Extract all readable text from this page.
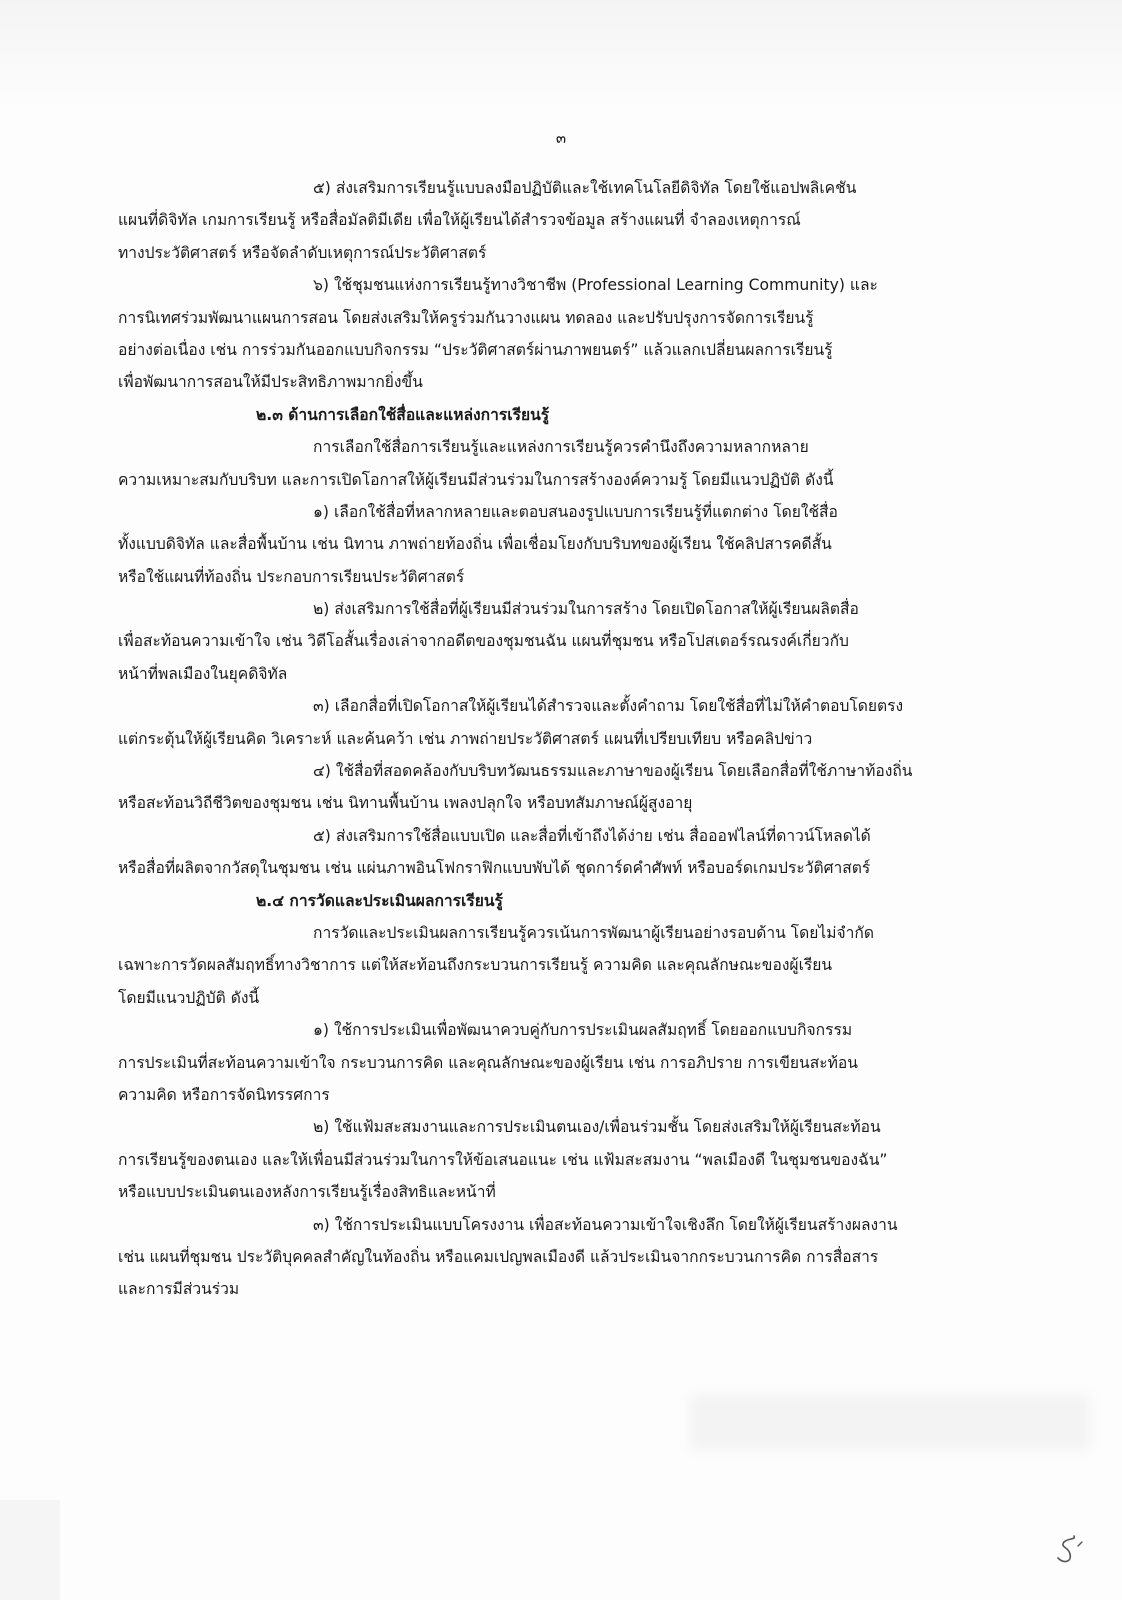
๓
๕) ส่งเสริมการเรียนรู้แบบลงมือปฏิบัติและใช้เทคโนโลยีดิจิทัล โดยใช้แอปพลิเคชัน
แผนที่ดิจิทัล เกมการเรียนรู้ หรือสื่อมัลติมีเดีย เพื่อให้ผู้เรียนได้สำรวจข้อมูล สร้างแผนที่ จำลองเหตุการณ์
ทางประวัติศาสตร์ หรือจัดลำดับเหตุการณ์ประวัติศาสตร์
๖) ใช้ชุมชนแห่งการเรียนรู้ทางวิชาชีพ (Professional Learning Community) และ
การนิเทศร่วมพัฒนาแผนการสอน โดยส่งเสริมให้ครูร่วมกันวางแผน ทดลอง และปรับปรุงการจัดการเรียนรู้
อย่างต่อเนื่อง เช่น การร่วมกันออกแบบกิจกรรม “ประวัติศาสตร์ผ่านภาพยนตร์” แล้วแลกเปลี่ยนผลการเรียนรู้
เพื่อพัฒนาการสอนให้มีประสิทธิภาพมากยิ่งขึ้น
๒.๓ ด้านการเลือกใช้สื่อและแหล่งการเรียนรู้
การเลือกใช้สื่อการเรียนรู้และแหล่งการเรียนรู้ควรคำนึงถึงความหลากหลาย
ความเหมาะสมกับบริบท และการเปิดโอกาสให้ผู้เรียนมีส่วนร่วมในการสร้างองค์ความรู้ โดยมีแนวปฏิบัติ ดังนี้
๑) เลือกใช้สื่อที่หลากหลายและตอบสนองรูปแบบการเรียนรู้ที่แตกต่าง โดยใช้สื่อ
ทั้งแบบดิจิทัล และสื่อพื้นบ้าน เช่น นิทาน ภาพถ่ายท้องถิ่น เพื่อเชื่อมโยงกับบริบทของผู้เรียน ใช้คลิปสารคดีสั้น
หรือใช้แผนที่ท้องถิ่น ประกอบการเรียนประวัติศาสตร์
๒) ส่งเสริมการใช้สื่อที่ผู้เรียนมีส่วนร่วมในการสร้าง โดยเปิดโอกาสให้ผู้เรียนผลิตสื่อ
เพื่อสะท้อนความเข้าใจ เช่น วิดีโอสั้นเรื่องเล่าจากอดีตของชุมชนฉัน แผนที่ชุมชน หรือโปสเตอร์รณรงค์เกี่ยวกับ
หน้าที่พลเมืองในยุคดิจิทัล
๓) เลือกสื่อที่เปิดโอกาสให้ผู้เรียนได้สำรวจและตั้งคำถาม โดยใช้สื่อที่ไม่ให้คำตอบโดยตรง
แต่กระตุ้นให้ผู้เรียนคิด วิเคราะห์ และค้นคว้า เช่น ภาพถ่ายประวัติศาสตร์ แผนที่เปรียบเทียบ หรือคลิปข่าว
๔) ใช้สื่อที่สอดคล้องกับบริบทวัฒนธรรมและภาษาของผู้เรียน โดยเลือกสื่อที่ใช้ภาษาท้องถิ่น
หรือสะท้อนวิถีชีวิตของชุมชน เช่น นิทานพื้นบ้าน เพลงปลุกใจ หรือบทสัมภาษณ์ผู้สูงอายุ
๕) ส่งเสริมการใช้สื่อแบบเปิด และสื่อที่เข้าถึงได้ง่าย เช่น สื่อออฟไลน์ที่ดาวน์โหลดได้
หรือสื่อที่ผลิตจากวัสดุในชุมชน เช่น แผ่นภาพอินโฟกราฟิกแบบพับได้ ชุดการ์ดคำศัพท์ หรือบอร์ดเกมประวัติศาสตร์
๒.๔ การวัดและประเมินผลการเรียนรู้
การวัดและประเมินผลการเรียนรู้ควรเน้นการพัฒนาผู้เรียนอย่างรอบด้าน โดยไม่จำกัด
เฉพาะการวัดผลสัมฤทธิ์ทางวิชาการ แต่ให้สะท้อนถึงกระบวนการเรียนรู้ ความคิด และคุณลักษณะของผู้เรียน
โดยมีแนวปฏิบัติ ดังนี้
๑) ใช้การประเมินเพื่อพัฒนาควบคู่กับการประเมินผลสัมฤทธิ์ โดยออกแบบกิจกรรม
การประเมินที่สะท้อนความเข้าใจ กระบวนการคิด และคุณลักษณะของผู้เรียน เช่น การอภิปราย การเขียนสะท้อน
ความคิด หรือการจัดนิทรรศการ
๒) ใช้แฟ้มสะสมงานและการประเมินตนเอง/เพื่อนร่วมชั้น โดยส่งเสริมให้ผู้เรียนสะท้อน
การเรียนรู้ของตนเอง และให้เพื่อนมีส่วนร่วมในการให้ข้อเสนอแนะ เช่น แฟ้มสะสมงาน “พลเมืองดี ในชุมชนของฉัน”
หรือแบบประเมินตนเองหลังการเรียนรู้เรื่องสิทธิและหน้าที่
๓) ใช้การประเมินแบบโครงงาน เพื่อสะท้อนความเข้าใจเชิงลึก โดยให้ผู้เรียนสร้างผลงาน
เช่น แผนที่ชุมชน ประวัติบุคคลสำคัญในท้องถิ่น หรือแคมเปญพลเมืองดี แล้วประเมินจากกระบวนการคิด การสื่อสาร
และการมีส่วนร่วม
